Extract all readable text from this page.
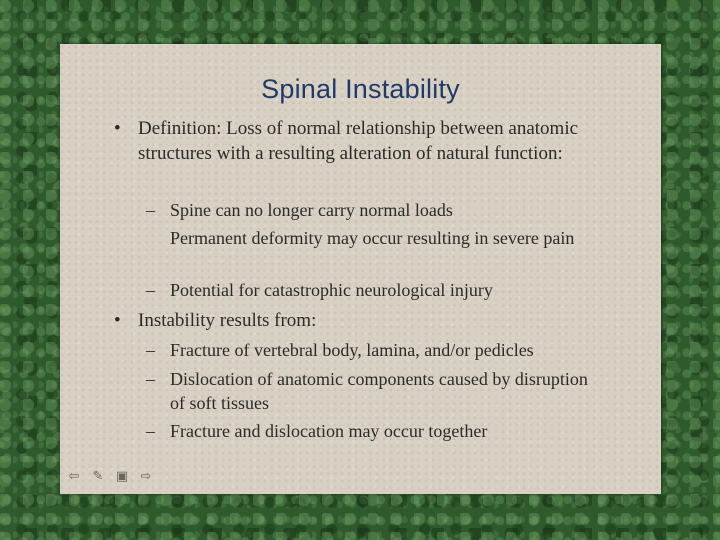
Spinal Instability
• Definition: Loss of normal relationship between anatomic structures with a resulting alteration of natural function:
– Spine can no longer carry normal loads
Permanent deformity may occur resulting in severe pain
– Potential for catastrophic neurological injury
• Instability results from:
– Fracture of vertebral body, lamina, and/or pedicles
– Dislocation of anatomic components caused by disruption of soft tissues
– Fracture and dislocation may occur together
⇦	✎ ▣ ⇨
